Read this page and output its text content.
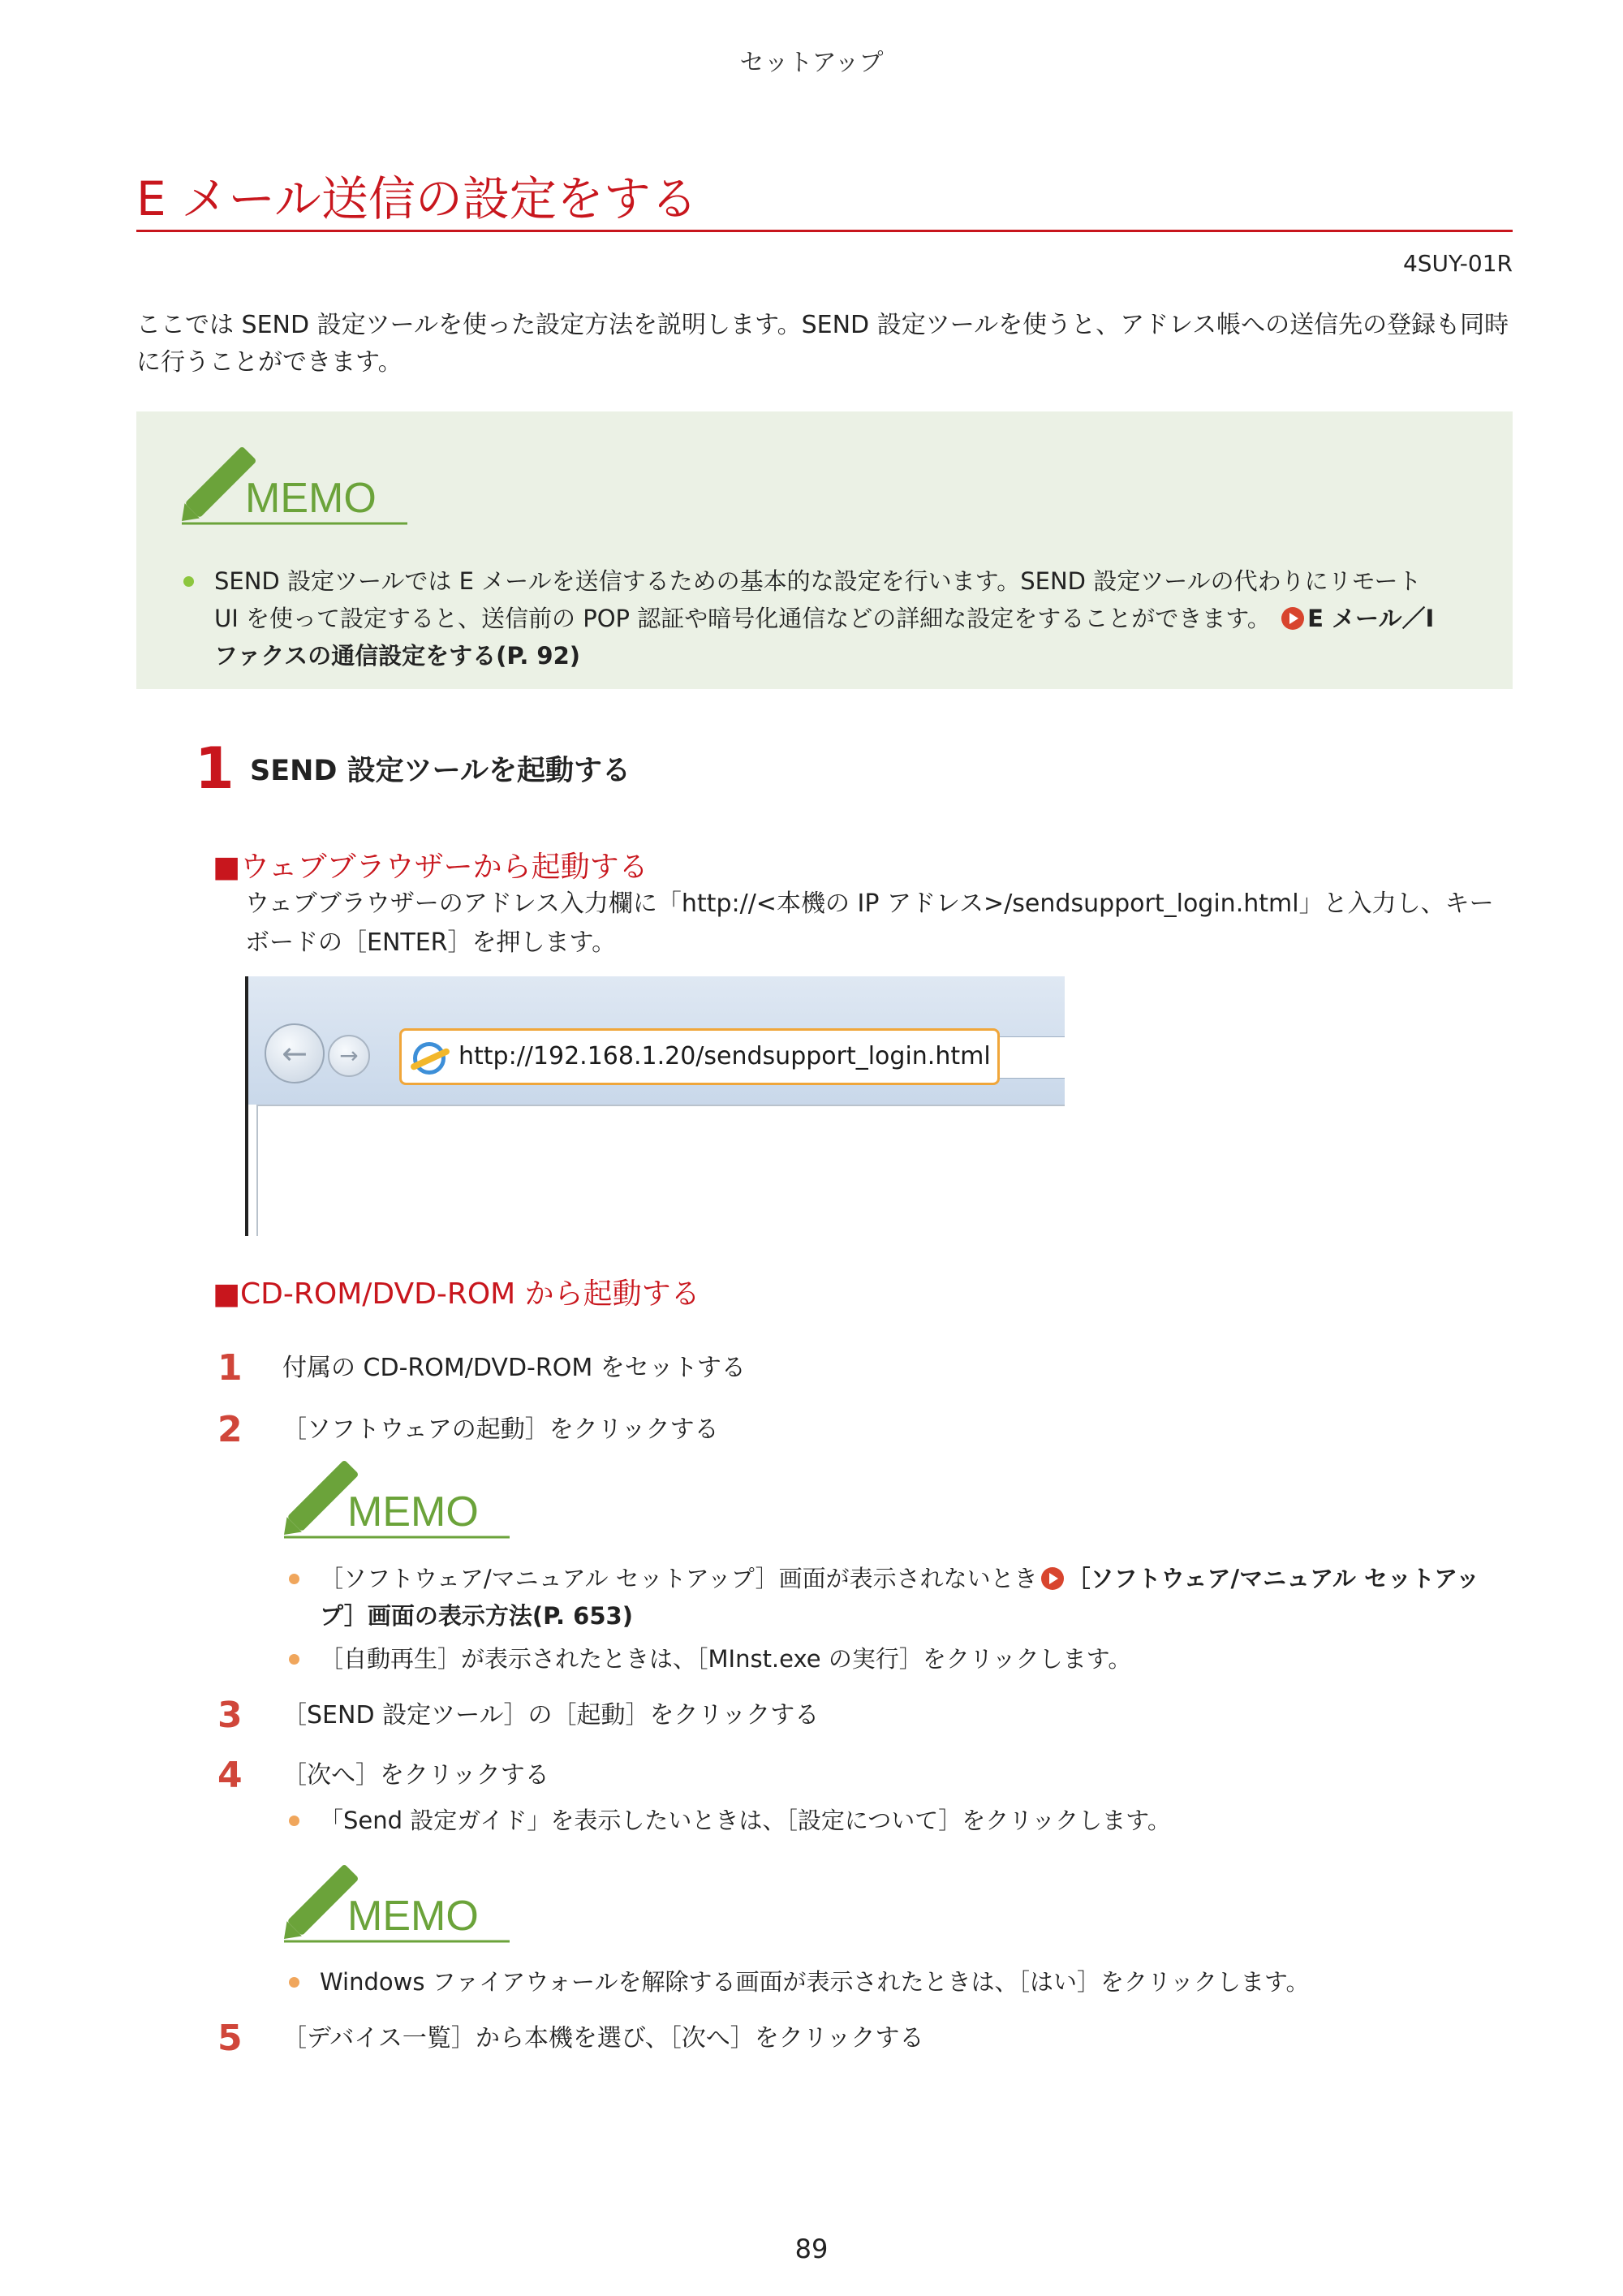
セットアップ
E メール送信の設定をする
4SUY-01R

ここでは SEND 設定ツールを使った設定方法を説明します。SEND 設定ツールを使うと、アドレス帳への送信先の登録も同時に行うことができます。

MEMO
SEND 設定ツールでは E メールを送信するための基本的な設定を行います。SEND 設定ツールの代わりにリモート UI を使って設定すると、送信前の POP 認証や暗号化通信などの詳細な設定をすることができます。 E メール／I ファクスの通信設定をする(P. 92)
1 SEND 設定ツールを起動する
■ウェブブラウザーから起動する

ウェブブラウザーのアドレス入力欄に「http://<本機の IP アドレス>/sendsupport_login.html」と入力し、キーボードの［ENTER］を押します。

←	→	http://192.168.1.20/sendsupport_login.html
■CD-ROM/DVD-ROM から起動する
1 付属の CD-ROM/DVD-ROM をセットする
2 ［ソフトウェアの起動］をクリックする
MEMO
［ソフトウェア/マニュアル セットアップ］画面が表示されないとき ［ソフトウェア/マニュアル セットアップ］画面の表示方法(P. 653)
［自動再生］が表示されたときは、［MInst.exe の実行］をクリックします。
3 ［SEND 設定ツール］の［起動］をクリックする
4 ［次へ］をクリックする
「Send 設定ガイド」を表示したいときは、［設定について］をクリックします。
MEMO
Windows ファイアウォールを解除する画面が表示されたときは、［はい］をクリックします。
5 ［デバイス一覧］から本機を選び、［次へ］をクリックする
89
